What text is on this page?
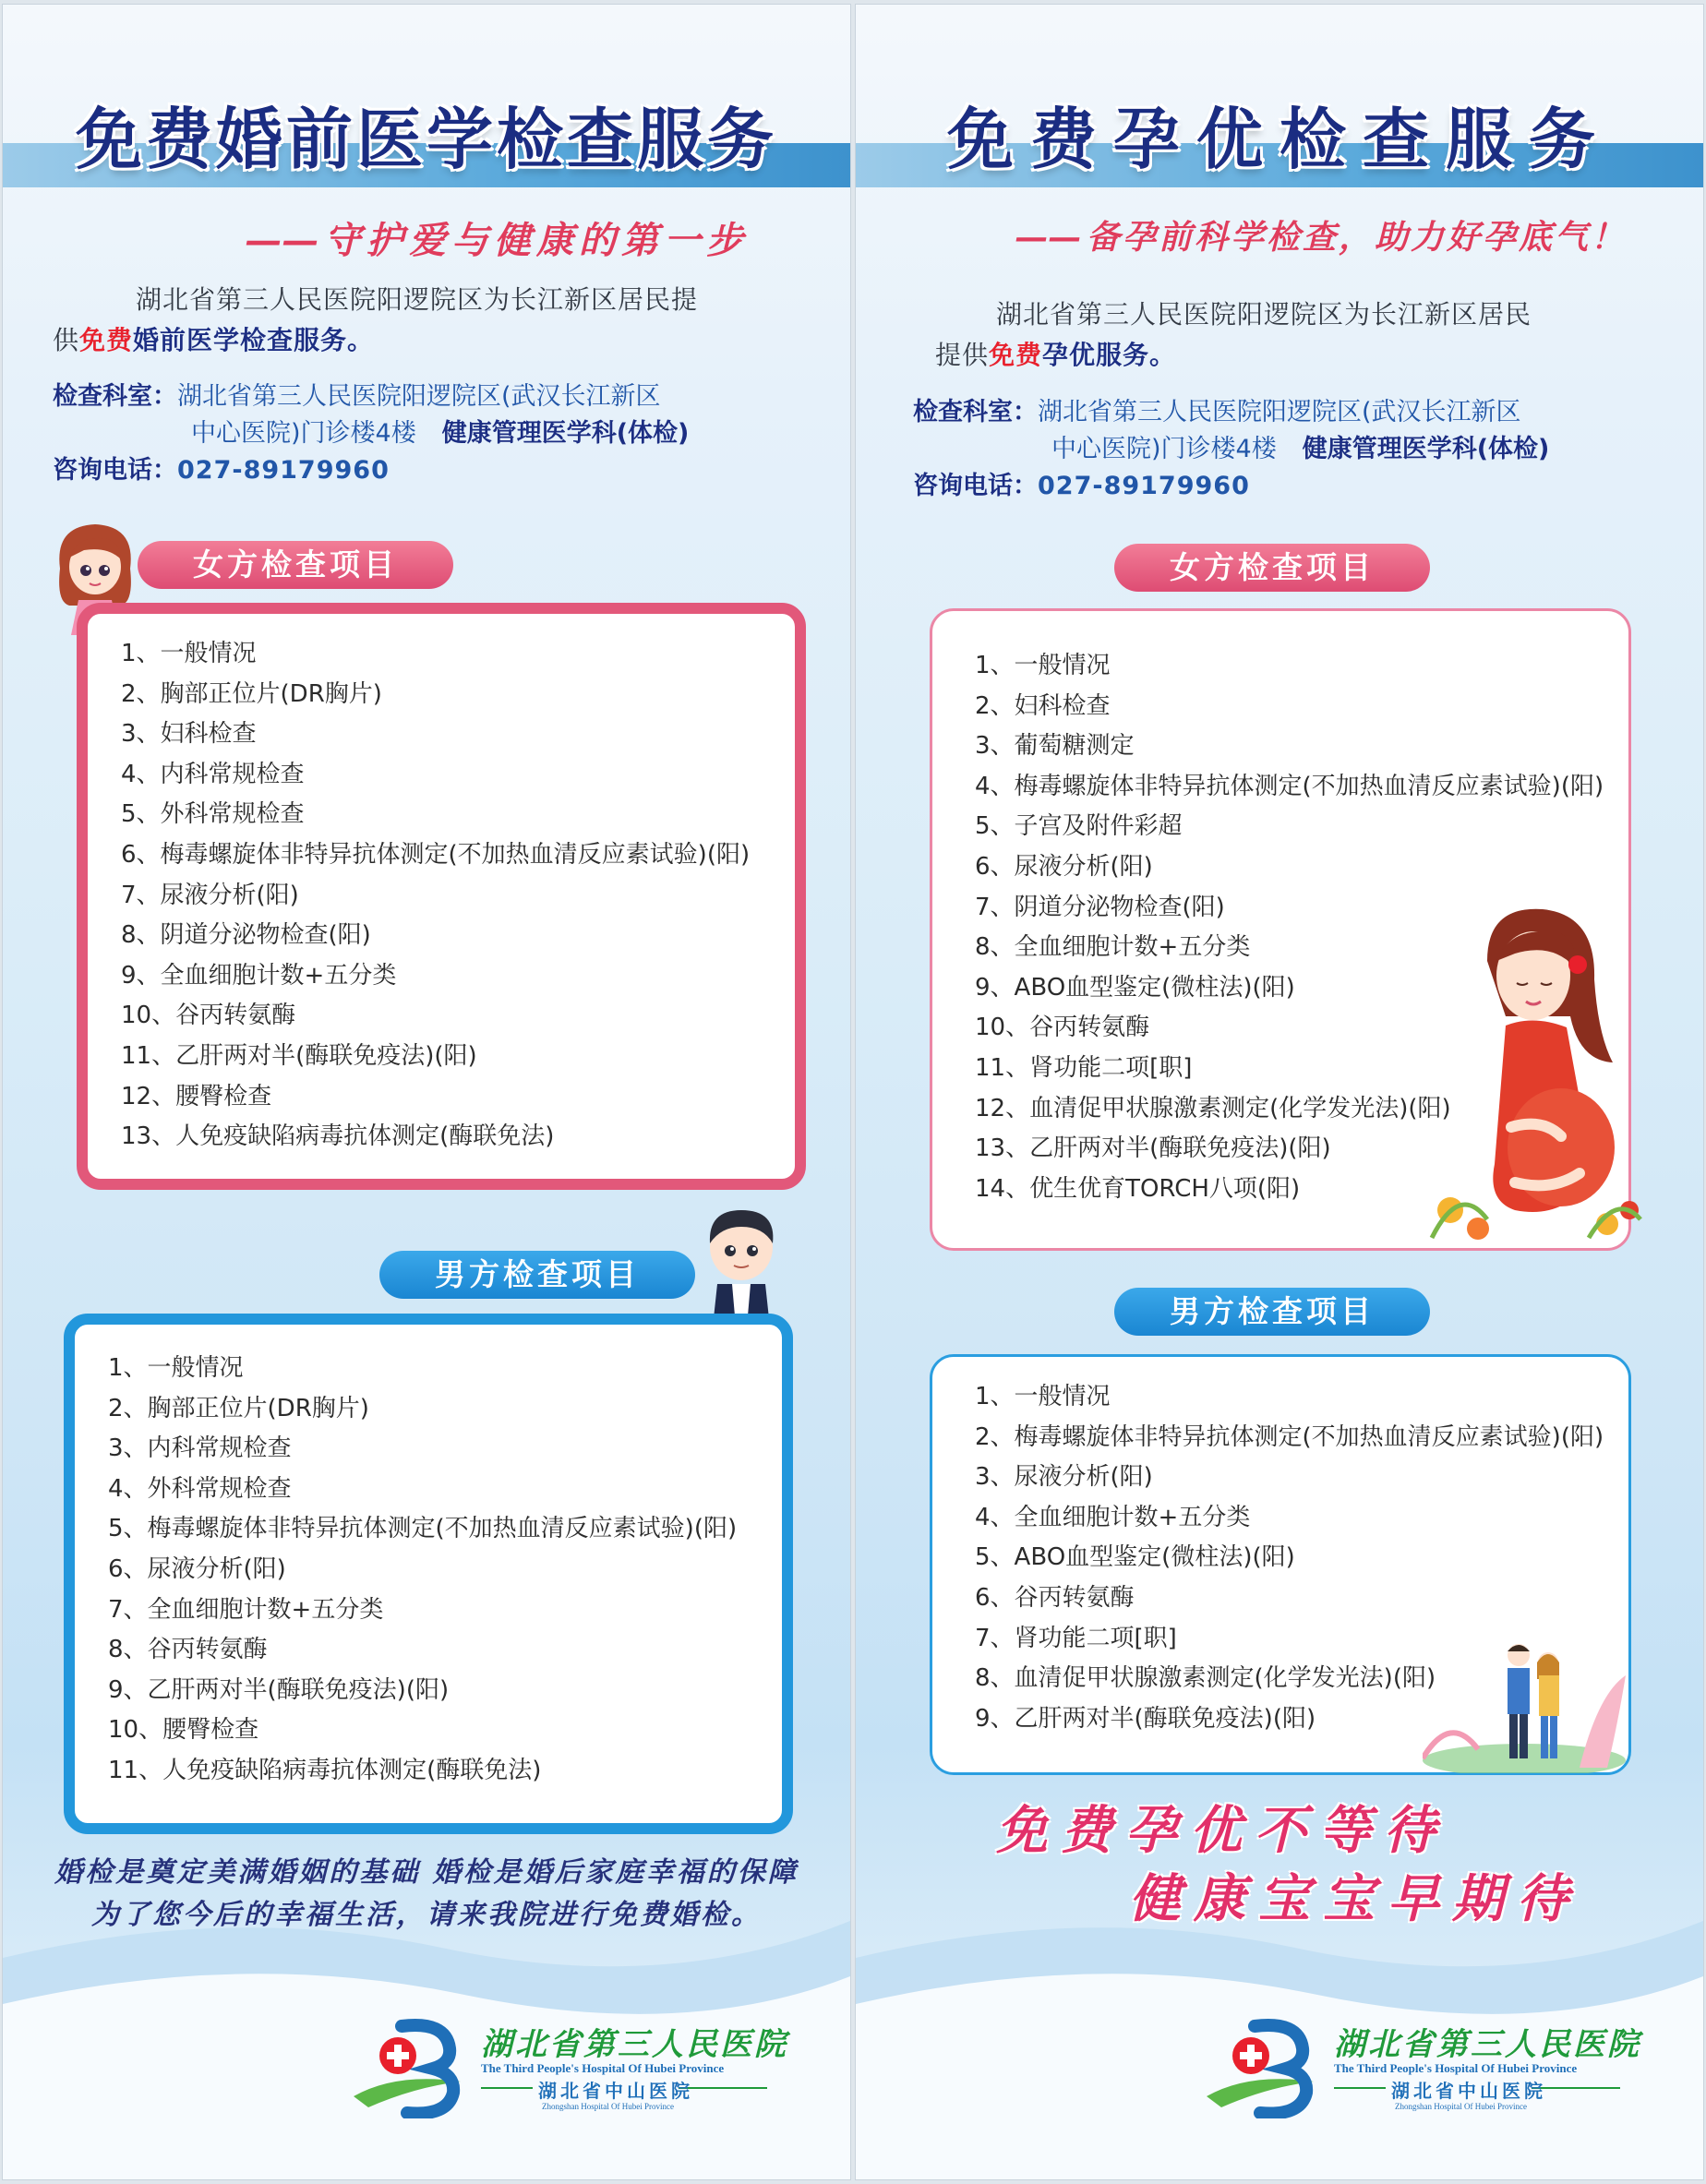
免费婚前医学检查服务
—— 守护爱与健康的第一步
湖北省第三人民医院阳逻院区为长江新区居民提
供免费婚前医学检查服务。
检查科室：湖北省第三人民医院阳逻院区(武汉长江新区
中心医院)门诊楼4楼 健康管理医学科(体检)
咨询电话：027-89179960
女方检查项目
1、一般情况
2、胸部正位片(DR胸片)
3、妇科检查
4、内科常规检查
5、外科常规检查
6、梅毒螺旋体非特异抗体测定(不加热血清反应素试验)(阳)
7、尿液分析(阳)
8、阴道分泌物检查(阳)
9、全血细胞计数+五分类
10、谷丙转氨酶
11、乙肝两对半(酶联免疫法)(阳)
12、腰臀检查
13、人免疫缺陷病毒抗体测定(酶联免法)
男方检查项目
1、一般情况
2、胸部正位片(DR胸片)
3、内科常规检查
4、外科常规检查
5、梅毒螺旋体非特异抗体测定(不加热血清反应素试验)(阳)
6、尿液分析(阳)
7、全血细胞计数+五分类
8、谷丙转氨酶
9、乙肝两对半(酶联免疫法)(阳)
10、腰臀检查
11、人免疫缺陷病毒抗体测定(酶联免法)
婚检是奠定美满婚姻的基础 婚检是婚后家庭幸福的保障
为了您今后的幸福生活，请来我院进行免费婚检。
湖北省第三人民医院
The Third People's Hospital Of Hubei Province
湖北省中山医院
Zhongshan Hospital Of Hubei Province
免费孕优检查服务
—— 备孕前科学检查，助力好孕底气！
湖北省第三人民医院阳逻院区为长江新区居民
提供免费孕优服务。
检查科室：湖北省第三人民医院阳逻院区(武汉长江新区
中心医院)门诊楼4楼 健康管理医学科(体检)
咨询电话：027-89179960
女方检查项目
1、一般情况
2、妇科检查
3、葡萄糖测定
4、梅毒螺旋体非特异抗体测定(不加热血清反应素试验)(阳)
5、子宫及附件彩超
6、尿液分析(阳)
7、阴道分泌物检查(阳)
8、全血细胞计数+五分类
9、ABO血型鉴定(微柱法)(阳)
10、谷丙转氨酶
11、肾功能二项[职]
12、血清促甲状腺激素测定(化学发光法)(阳)
13、乙肝两对半(酶联免疫法)(阳)
14、优生优育TORCH八项(阳)
男方检查项目
1、一般情况
2、梅毒螺旋体非特异抗体测定(不加热血清反应素试验)(阳)
3、尿液分析(阳)
4、全血细胞计数+五分类
5、ABO血型鉴定(微柱法)(阳)
6、谷丙转氨酶
7、肾功能二项[职]
8、血清促甲状腺激素测定(化学发光法)(阳)
9、乙肝两对半(酶联免疫法)(阳)
免费孕优不等待
健康宝宝早期待
湖北省第三人民医院
The Third People's Hospital Of Hubei Province
湖北省中山医院
Zhongshan Hospital Of Hubei Province
